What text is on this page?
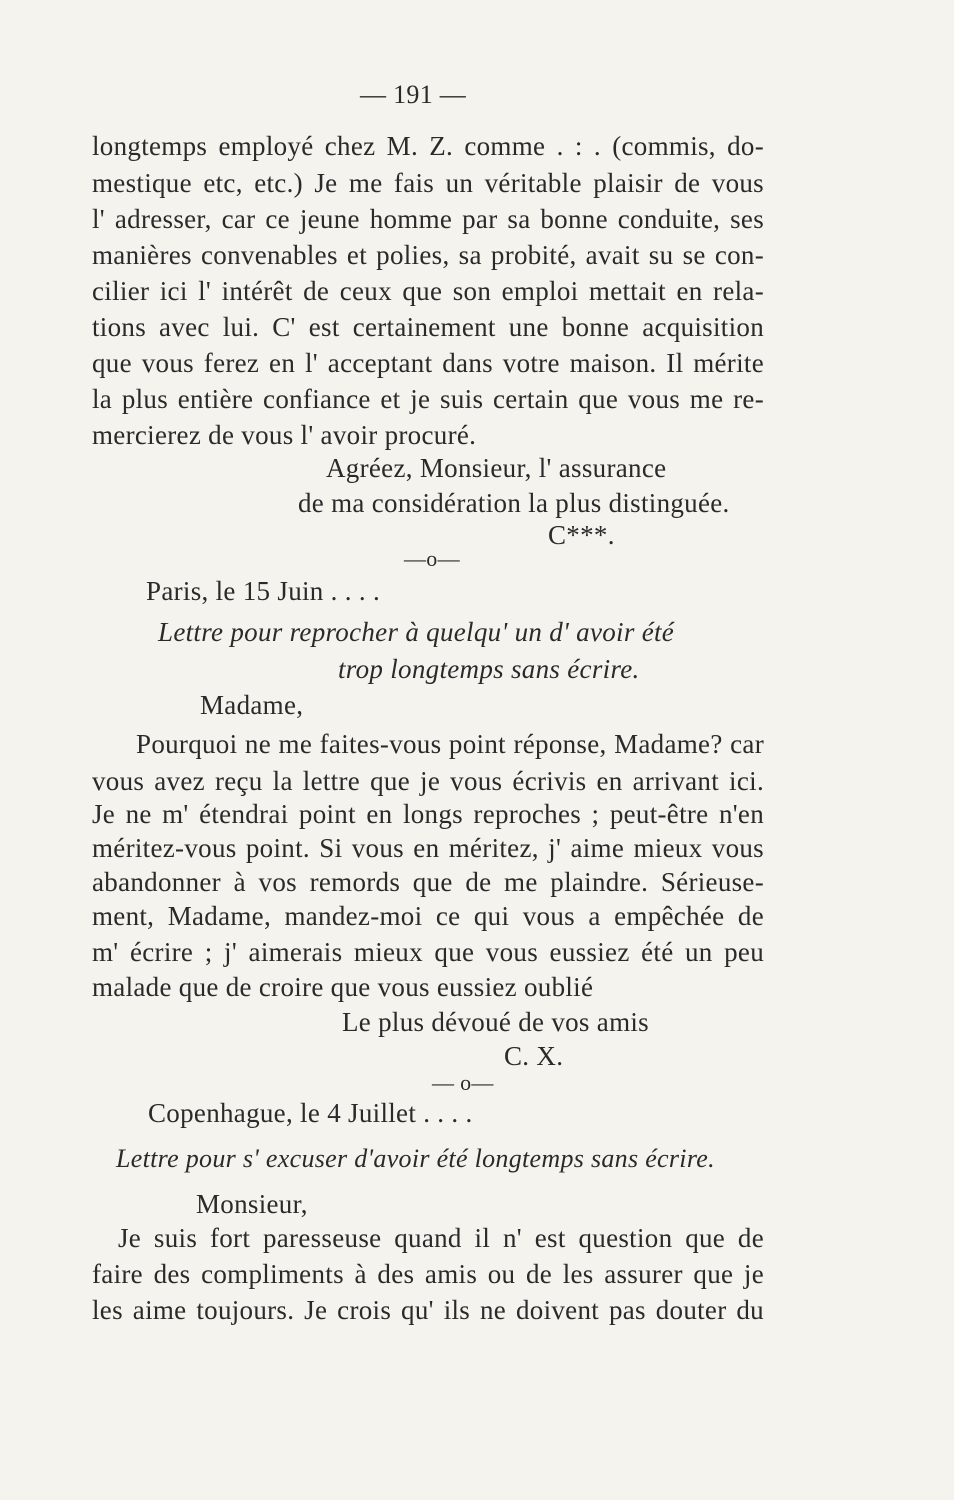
— 191 —
longtemps employé chez M. Z. comme . : . (commis, do-
mestique etc, etc.) Je me fais un véritable plaisir de vous
l' adresser, car ce jeune homme par sa bonne conduite, ses
manières convenables et polies, sa probité, avait su se con-
cilier ici l' intérêt de ceux que son emploi mettait en rela-
tions avec lui. C' est certainement une bonne acquisition
que vous ferez en l' acceptant dans votre maison. Il mérite
la plus entière confiance et je suis certain que vous me re-
mercierez de vous l' avoir procuré.
Agréez, Monsieur, l' assurance
de ma considération la plus distinguée.
C***.
—o—
Paris, le 15 Juin . . . .
Lettre pour reprocher à quelqu' un d' avoir été
trop longtemps sans écrire.
Madame,
Pourquoi ne me faites-vous point réponse, Madame? car
vous avez reçu la lettre que je vous écrivis en arrivant ici.
Je ne m' étendrai point en longs reproches ; peut-être n'en
méritez-vous point. Si vous en méritez, j' aime mieux vous
abandonner à vos remords que de me plaindre. Sérieuse-
ment, Madame, mandez-moi ce qui vous a empêchée de
m' écrire ; j' aimerais mieux que vous eussiez été un peu
malade que de croire que vous eussiez oublié
Le plus dévoué de vos amis
C. X.
— o—
Copenhague, le 4 Juillet . . . .
Lettre pour s' excuser d'avoir été longtemps sans écrire.
Monsieur,
Je suis fort paresseuse quand il n' est question que de
faire des compliments à des amis ou de les assurer que je
les aime toujours. Je crois qu' ils ne doivent pas douter du
